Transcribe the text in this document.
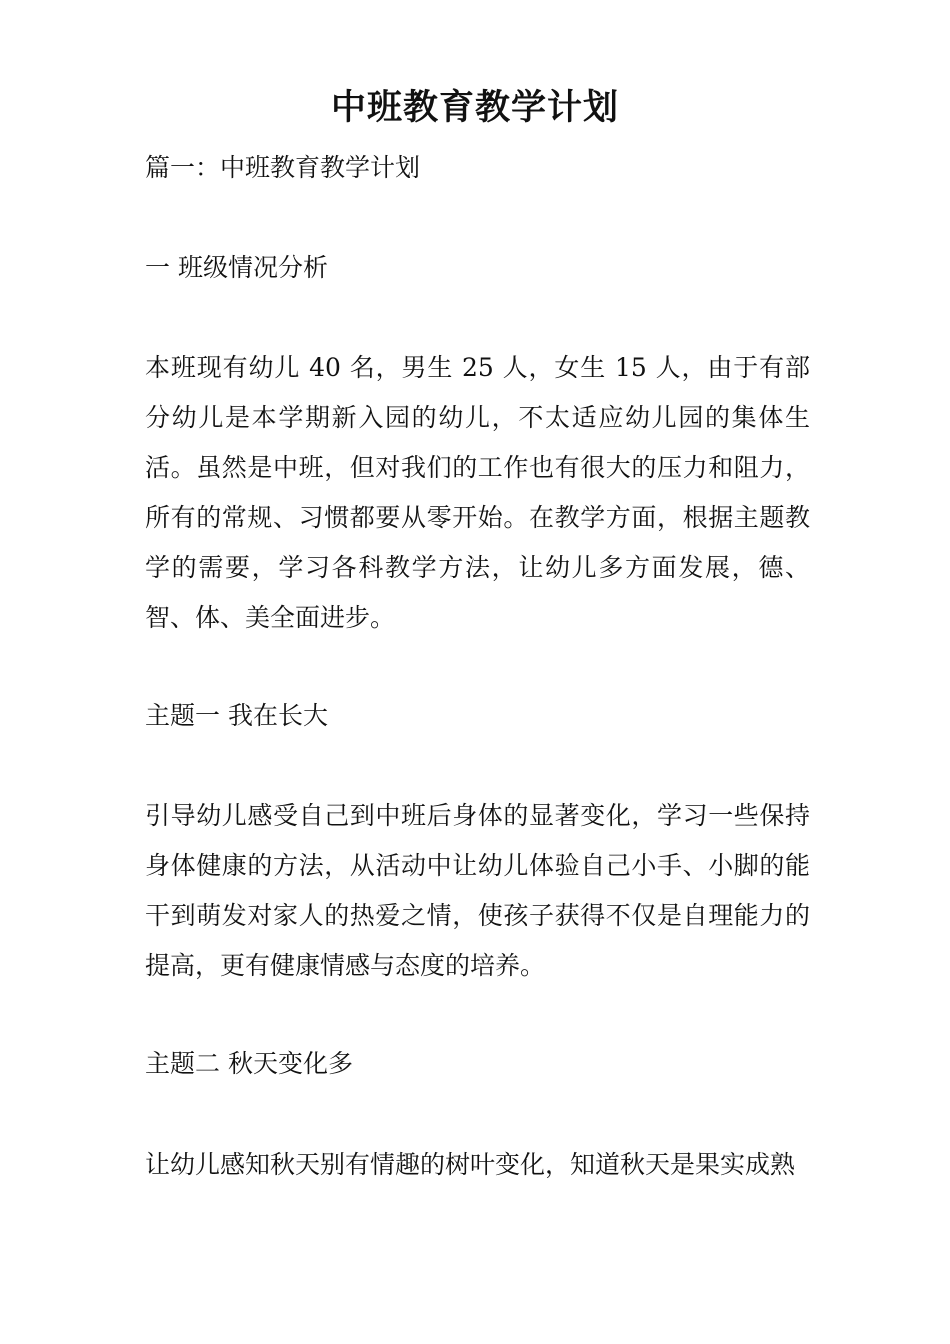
中班教育教学计划
篇一：中班教育教学计划
一 班级情况分析
本班现有幼儿 40 名，男生 25 人，女生 15 人，由于有部分幼儿是本学期新入园的幼儿，不太适应幼儿园的集体生活。虽然是中班，但对我们的工作也有很大的压力和阻力，所有的常规、习惯都要从零开始。在教学方面，根据主题教学的需要，学习各科教学方法，让幼儿多方面发展，德、智、体、美全面进步。
主题一 我在长大
引导幼儿感受自己到中班后身体的显著变化，学习一些保持身体健康的方法，从活动中让幼儿体验自己小手、小脚的能干到萌发对家人的热爱之情，使孩子获得不仅是自理能力的提高，更有健康情感与态度的培养。
主题二 秋天变化多
让幼儿感知秋天别有情趣的树叶变化，知道秋天是果实成熟
